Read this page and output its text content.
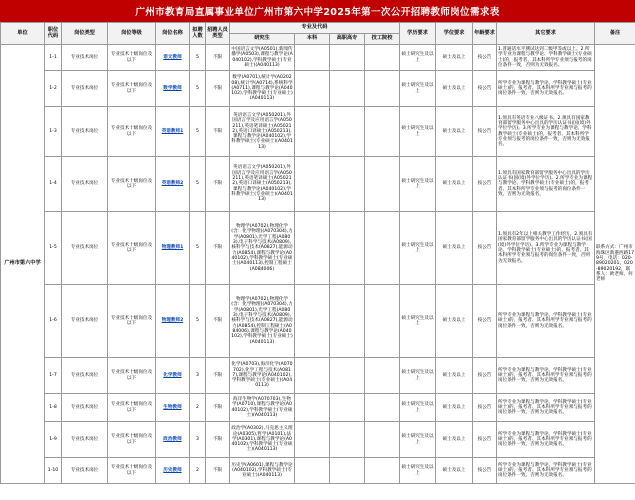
广州市教育局直属事业单位广州市第六中学2025年第一次公开招聘教师岗位需求表
单位	职位代码	岗位类型	岗位等级	岗位名称	拟聘人数	招聘人员类型	专业及代码				学历要求	学位要求	年龄要求	其它要求	备注
							研究生	本科	高职高专	技工院校					
广州市第六中学	1-1	专业技术岗位	专业技术十级岗位及以下	语文教师	5	不限	中国语言文学(A0501),新闻传播学(A0503),课程与教学论(A040102),学科教学硕士(专业硕士)(A040113)				硕士研究生及以上	硕士及以上	按公告	1.普通话水平测试达到二级甲等或以上。2.所学专业为课程与教学论、学科教学硕士(专业硕士)的，报考者、其本科所学专业须与报考的岗位条件一致，否则为无效报名。	联系方式：广州市海珠区新港西路179号，电话：020-89020201、020-89020192，联系人：欧老师、何老师
	1-2	专业技术岗位	专业技术十级岗位及以下	数学教师	5	不限	数学(A0701),统计学(A020208),统计学(A0714),系统科学(A0711),课程与教学论(A040102),学科教学硕士(专业硕士)(A040113)				硕士研究生及以上	硕士及以上	按公告	所学专业为课程与教学论、学科教学硕士(专业硕士)的，报考者、其本科所学专业须与报考的岗位条件一致，否则为无效报名。	
	1-3	专业技术岗位	专业技术十级岗位及以下	英语教师1	5	不限	英语语言文学(A050201),外国语言学及应用语言学(A050211),英语笔译硕士(A050212),英语口译硕士(A050213),课程与教学论(A040102),学科教学硕士(专业硕士)(A040113)				硕士研究生及以上	硕士及以上	按公告	1.须具有英语专业八级证书。2.须具有国家教育部留学服务中心出具的学历认证书(国(境)外学位学历)。3.所学专业为课程与教学论、学科教学硕士(专业硕士)的，报考者、其本科所学专业须与报考的岗位条件一致，否则为无效报名。	
	1-4	专业技术岗位	专业技术十级岗位及以下	英语教师2	5	不限	英语语言文学(A050201),外国语言学及应用语言学(A050211),英语笔译硕士(A050212),英语口译硕士(A050213),课程与教学论(A040102),学科教学硕士(专业硕士)(A040113)				硕士研究生及以上	硕士及以上	按公告	1.须具有国家教育部留学服务中心出具的学历认证书(国(境)外学位学历)。2.所学专业为课程与教学论、学科教学硕士(专业硕士)的，报考者、其本科所学专业须与报考的岗位条件一致，否则为无效报名。	
	1-5	专业技术岗位	专业技术十级岗位及以下	物理教师1	5	不限	物理学(A0702),物理化学(含：化学物理)(A070304),力学(A0801),光学工程(A0803),电子科学与技术(A0809),核科学与技术(A0827),能源动力(A0854),课程与教学论(A040102),学科教学硕士(专业硕士)(A040113),控制工程硕士(A084006)				硕士研究生及以上	硕士及以上	按公告	1.须具有2年以上相关教学工作经历。2.须具有国家教育部留学服务中心出具的学历认证书(国(境)外学位学历)。3.所学专业为课程与教学论、学科教学硕士(专业硕士)的，报考者、其本科所学专业须与报考的岗位条件一致，否则为无效报名。	
	1-6	专业技术岗位	专业技术十级岗位及以下	物理教师2	5	不限	物理学(A0702),物理化学(含：化学物理)(A070304),力学(A0801),光学工程(A0803),电子科学与技术(A0809),核科学与技术(A0827),能源动力(A0854),控制工程硕士(A084006),课程与教学论(A040102),学科教学硕士(专业硕士)(A040113)				硕士研究生及以上	硕士及以上	按公告	所学专业为课程与教学论、学科教学硕士(专业硕士)的，报考者、其本科所学专业须与报考的岗位条件一致，否则为无效报名。	
	1-7	专业技术岗位	专业技术十级岗位及以下	化学教师	3	不限	化学(A0703),海洋化学(A070702),化学工程与技术(A0817),课程与教学论(A040102),学科教学硕士(专业硕士)(A040113)				硕士研究生及以上	硕士及以上	按公告	所学专业为课程与教学论、学科教学硕士(专业硕士)的，报考者、其本科所学专业须与报考的岗位条件一致，否则为无效报名。	
	1-8	专业技术岗位	专业技术十级岗位及以下	生物教师	2	不限	海洋生物学(A070703),生物学(A0710),课程与教学论(A040102),学科教学硕士(专业硕士)(A040113)				硕士研究生及以上	硕士及以上	按公告	所学专业为课程与教学论、学科教学硕士(专业硕士)的，报考者、其本科所学专业须与报考的岗位条件一致，否则为无效报名。	
	1-9	专业技术岗位	专业技术十级岗位及以下	政治教师	3	不限	政治学(A0302),马克思主义理论(A0305),哲学(A0101),法学(A0301),课程与教学论(A040102),学科教学硕士(专业硕士)(A040113)				硕士研究生及以上	硕士及以上	按公告	所学专业为课程与教学论、学科教学硕士(专业硕士)的，报考者、其本科所学专业须与报考的岗位条件一致，否则为无效报名。	
	1-10	专业技术岗位	专业技术十级岗位及以下	历史教师	2	不限	历史学(A0601),课程与教学论(A040102),学科教学硕士(专业硕士)(A040113)				硕士研究生及以上	硕士及以上	按公告	所学专业为课程与教学论、学科教学硕士(专业硕士)的，报考者、其本科所学专业须与报考的岗位条件一致，否则为无效报名。	
